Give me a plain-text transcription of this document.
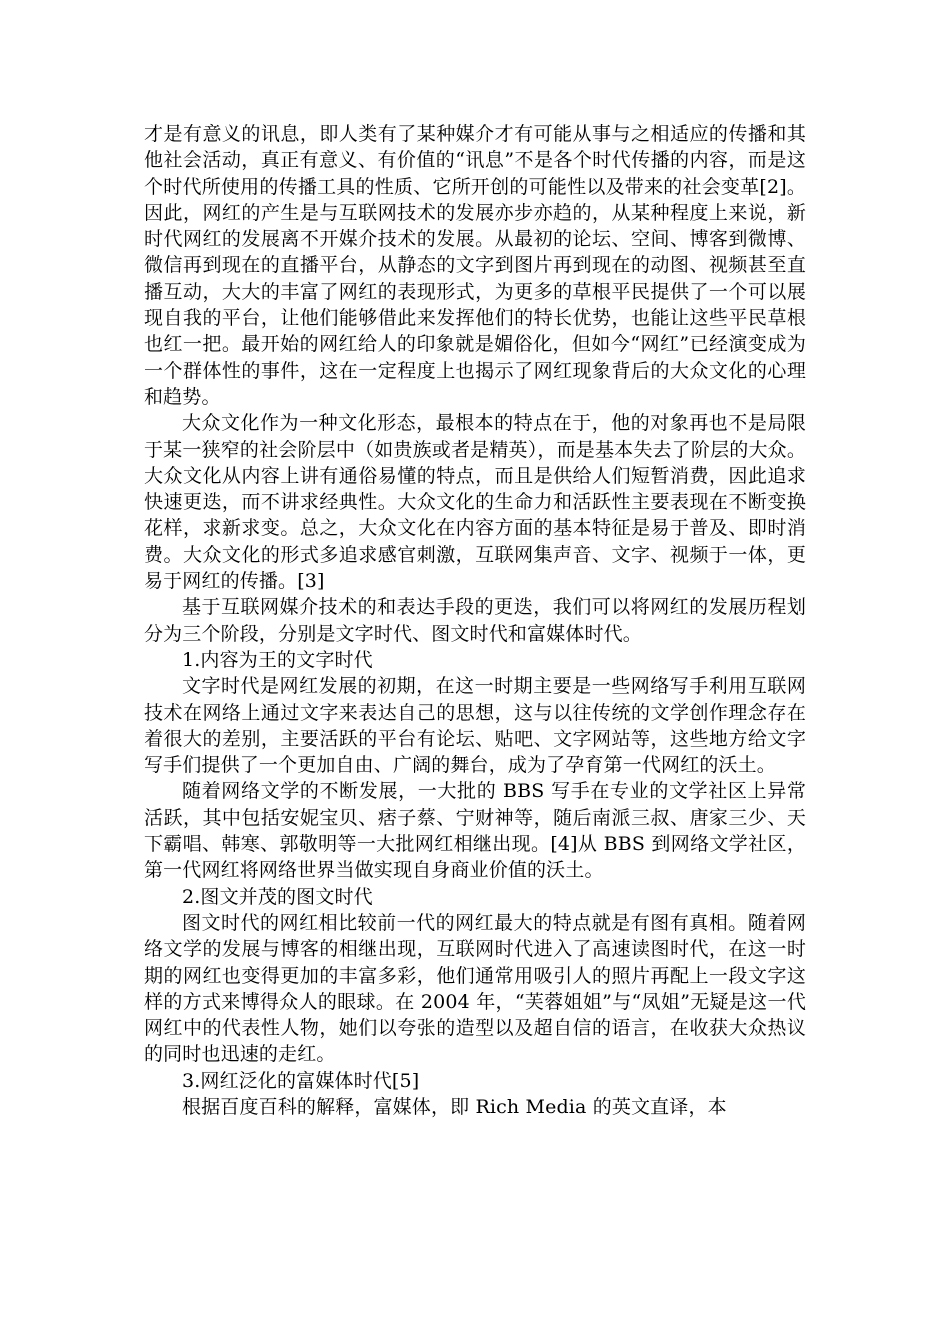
才是有意义的讯息，即人类有了某种媒介才有可能从事与之相适应的传播和其他社会活动，真正有意义、有价值的“讯息”不是各个时代传播的内容，而是这个时代所使用的传播工具的性质、它所开创的可能性以及带来的社会变革[2]。因此，网红的产生是与互联网技术的发展亦步亦趋的，从某种程度上来说，新时代网红的发展离不开媒介技术的发展。从最初的论坛、空间、博客到微博、微信再到现在的直播平台，从静态的文字到图片再到现在的动图、视频甚至直播互动，大大的丰富了网红的表现形式，为更多的草根平民提供了一个可以展现自我的平台，让他们能够借此来发挥他们的特长优势，也能让这些平民草根也红一把。最开始的网红给人的印象就是媚俗化，但如今“网红”已经演变成为一个群体性的事件，这在一定程度上也揭示了网红现象背后的大众文化的心理和趋势。

大众文化作为一种文化形态，最根本的特点在于，他的对象再也不是局限于某一狭窄的社会阶层中（如贵族或者是精英），而是基本失去了阶层的大众。大众文化从内容上讲有通俗易懂的特点，而且是供给人们短暂消费，因此追求快速更迭，而不讲求经典性。大众文化的生命力和活跃性主要表现在不断变换花样，求新求变。总之，大众文化在内容方面的基本特征是易于普及、即时消费。大众文化的形式多追求感官刺激，互联网集声音、文字、视频于一体，更易于网红的传播。[3]

基于互联网媒介技术的和表达手段的更迭，我们可以将网红的发展历程划分为三个阶段，分别是文字时代、图文时代和富媒体时代。

1.内容为王的文字时代

文字时代是网红发展的初期，在这一时期主要是一些网络写手利用互联网技术在网络上通过文字来表达自己的思想，这与以往传统的文学创作理念存在着很大的差别，主要活跃的平台有论坛、贴吧、文字网站等，这些地方给文字写手们提供了一个更加自由、广阔的舞台，成为了孕育第一代网红的沃土。

随着网络文学的不断发展，一大批的 BBS 写手在专业的文学社区上异常活跃，其中包括安妮宝贝、痞子蔡、宁财神等，随后南派三叔、唐家三少、天下霸唱、韩寒、郭敬明等一大批网红相继出现。[4]从 BBS 到网络文学社区，第一代网红将网络世界当做实现自身商业价值的沃土。

2.图文并茂的图文时代

图文时代的网红相比较前一代的网红最大的特点就是有图有真相。随着网络文学的发展与博客的相继出现，互联网时代进入了高速读图时代，在这一时期的网红也变得更加的丰富多彩，他们通常用吸引人的照片再配上一段文字这样的方式来博得众人的眼球。在 2004 年，“芙蓉姐姐”与“凤姐”无疑是这一代网红中的代表性人物，她们以夸张的造型以及超自信的语言，在收获大众热议的同时也迅速的走红。

3.网红泛化的富媒体时代[5]

根据百度百科的解释，富媒体，即 Rich Media 的英文直译，本
